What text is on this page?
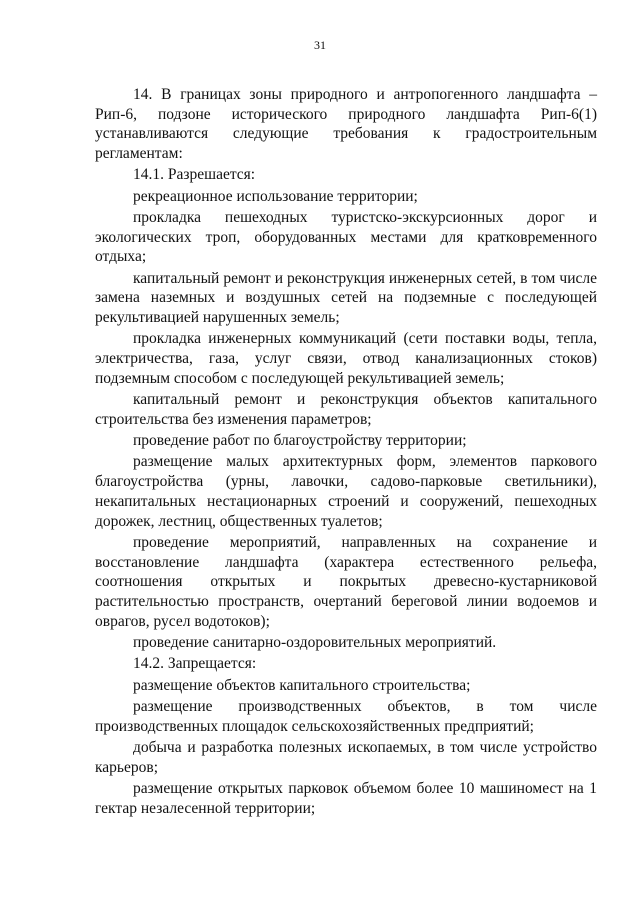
31

14. В границах зоны природного и антропогенного ландшафта – Рип-6, подзоне исторического природного ландшафта Рип-6(1) устанавливаются следующие требования к градостроительным регламентам:

14.1. Разрешается:

рекреационное использование территории;

прокладка пешеходных туристско-экскурсионных дорог и экологических троп, оборудованных местами для кратковременного отдыха;

капитальный ремонт и реконструкция инженерных сетей, в том числе замена наземных и воздушных сетей на подземные с последующей рекультивацией нарушенных земель;

прокладка инженерных коммуникаций (сети поставки воды, тепла, электричества, газа, услуг связи, отвод канализационных стоков) подземным способом с последующей рекультивацией земель;

капитальный ремонт и реконструкция объектов капитального строительства без изменения параметров;

проведение работ по благоустройству территории;

размещение малых архитектурных форм, элементов паркового благоустройства (урны, лавочки, садово-парковые светильники), некапитальных нестационарных строений и сооружений, пешеходных дорожек, лестниц, общественных туалетов;

проведение мероприятий, направленных на сохранение и восстановление ландшафта (характера естественного рельефа, соотношения открытых и покрытых древесно-кустарниковой растительностью пространств, очертаний береговой линии водоемов и оврагов, русел водотоков);

проведение санитарно-оздоровительных мероприятий.

14.2. Запрещается:

размещение объектов капитального строительства;

размещение производственных объектов, в том числе производственных площадок сельскохозяйственных предприятий;

добыча и разработка полезных ископаемых, в том числе устройство карьеров;

размещение открытых парковок объемом более 10 машиномест на 1 гектар незалесенной территории;
